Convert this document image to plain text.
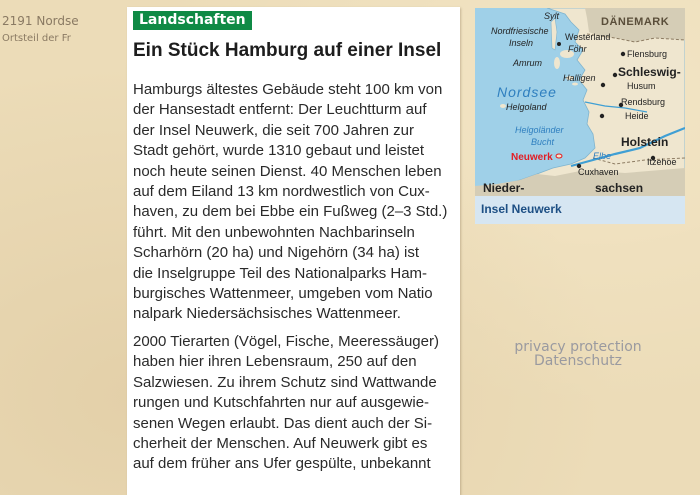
2191 Nordse
Ortsteil der Fr
Landschaften
Ein Stück Hamburg auf einer Insel

Hamburgs ältestes Gebäude steht 100 km von
der Hansestadt entfernt: Der Leuchtturm auf
der Insel Neuwerk, die seit 700 Jahren zur
Stadt gehört, wurde 1310 gebaut und leistet
noch heute seinen Dienst. 40 Menschen leben
auf dem Eiland 13 km nordwestlich von Cux-
haven, zu dem bei Ebbe ein Fußweg (2–3 Std.)
führt. Mit den unbewohnten Nachbarinseln
Scharhörn (20 ha) und Nigehörn (34 ha) ist
die Inselgruppe Teil des Nationalparks Ham-
burgisches Wattenmeer, umgeben vom Natio
nalpark Niedersächsisches Wattenmeer.

2000 Tierarten (Vögel, Fische, Meeressäuger)
haben hier ihren Lebensraum, 250 auf den
Salzwiesen. Zu ihrem Schutz sind Wattwande
rungen und Kutschfahrten nur auf ausgewie-
senen Wegen erlaubt. Das dient auch der Si-
cherheit der Menschen. Auf Neuwerk gibt es
auf dem früher ans Ufer gespülte, unbekannt

Sylt	DÄNEMARK
Nordfriesische
Inseln
Westerland
Föhr	Flensburg
Amrum
Schleswig-
Halligen
Husum
Nordsee
Rendsburg
Helgoland
Heide
Helgoländer
Bucht	Holstein
Neuwerk	Elbe
Itzehoe
Cuxhaven
Nieder-	sachsen
Insel Neuwerk
privacy protection
Datenschutz
